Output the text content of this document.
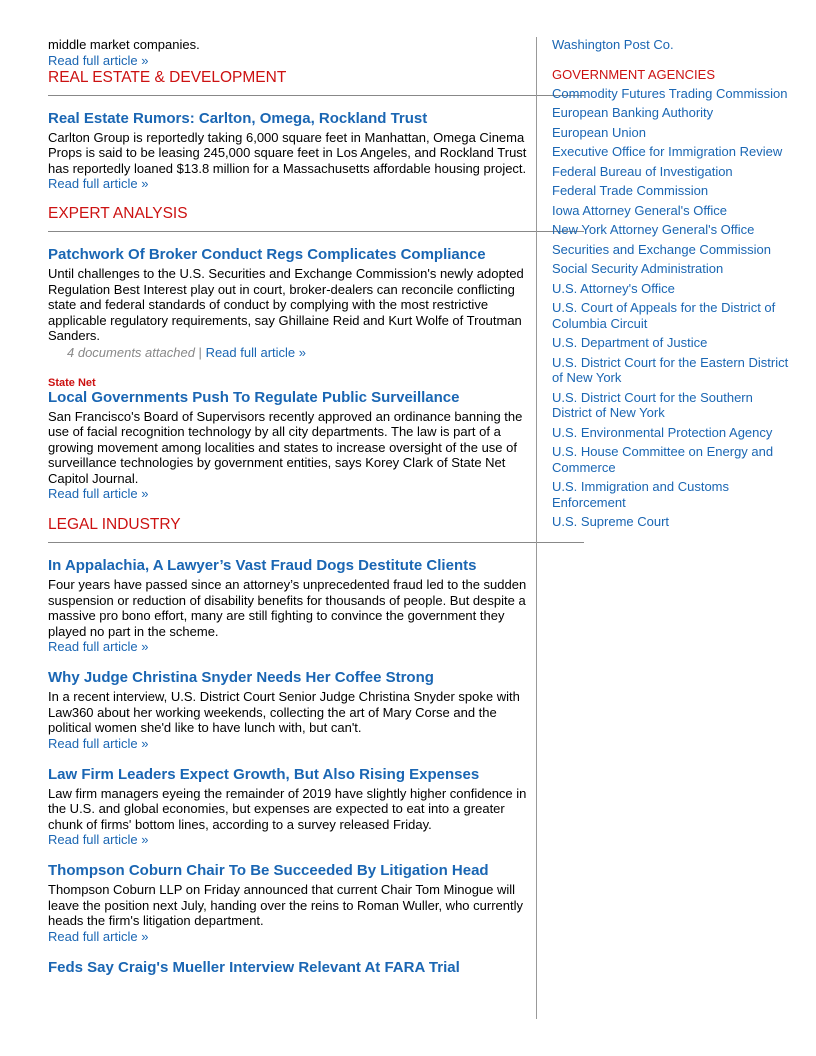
middle market companies.

Read full article »
REAL ESTATE & DEVELOPMENT
Real Estate Rumors: Carlton, Omega, Rockland Trust

Carlton Group is reportedly taking 6,000 square feet in Manhattan, Omega Cinema Props is said to be leasing 245,000 square feet in Los Angeles, and Rockland Trust has reportedly loaned $13.8 million for a Massachusetts affordable housing project.

Read full article »
EXPERT ANALYSIS
Patchwork Of Broker Conduct Regs Complicates Compliance

Until challenges to the U.S. Securities and Exchange Commission's newly adopted Regulation Best Interest play out in court, broker-dealers can reconcile conflicting state and federal standards of conduct by complying with the most restrictive applicable regulatory requirements, say Ghillaine Reid and Kurt Wolfe of Troutman Sanders.

4 documents attached | Read full article »
State Net
Local Governments Push To Regulate Public Surveillance

San Francisco's Board of Supervisors recently approved an ordinance banning the use of facial recognition technology by all city departments. The law is part of a growing movement among localities and states to increase oversight of the use of surveillance technologies by government entities, says Korey Clark of State Net Capitol Journal.

Read full article »
LEGAL INDUSTRY
In Appalachia, A Lawyer’s Vast Fraud Dogs Destitute Clients

Four years have passed since an attorney’s unprecedented fraud led to the sudden suspension or reduction of disability benefits for thousands of people. But despite a massive pro bono effort, many are still fighting to convince the government they played no part in the scheme.

Read full article »
Why Judge Christina Snyder Needs Her Coffee Strong

In a recent interview, U.S. District Court Senior Judge Christina Snyder spoke with Law360 about her working weekends, collecting the art of Mary Corse and the political women she'd like to have lunch with, but can't.

Read full article »
Law Firm Leaders Expect Growth, But Also Rising Expenses

Law firm managers eyeing the remainder of 2019 have slightly higher confidence in the U.S. and global economies, but expenses are expected to eat into a greater chunk of firms' bottom lines, according to a survey released Friday.

Read full article »
Thompson Coburn Chair To Be Succeeded By Litigation Head

Thompson Coburn LLP on Friday announced that current Chair Tom Minogue will leave the position next July, handing over the reins to Roman Wuller, who currently heads the firm's litigation department.

Read full article »
Feds Say Craig's Mueller Interview Relevant At FARA Trial
Washington Post Co.
GOVERNMENT AGENCIES
Commodity Futures Trading Commission
European Banking Authority
European Union
Executive Office for Immigration Review
Federal Bureau of Investigation
Federal Trade Commission
Iowa Attorney General's Office
New York Attorney General's Office
Securities and Exchange Commission
Social Security Administration
U.S. Attorney's Office
U.S. Court of Appeals for the District of Columbia Circuit
U.S. Department of Justice
U.S. District Court for the Eastern District of New York
U.S. District Court for the Southern District of New York
U.S. Environmental Protection Agency
U.S. House Committee on Energy and Commerce
U.S. Immigration and Customs Enforcement
U.S. Supreme Court
